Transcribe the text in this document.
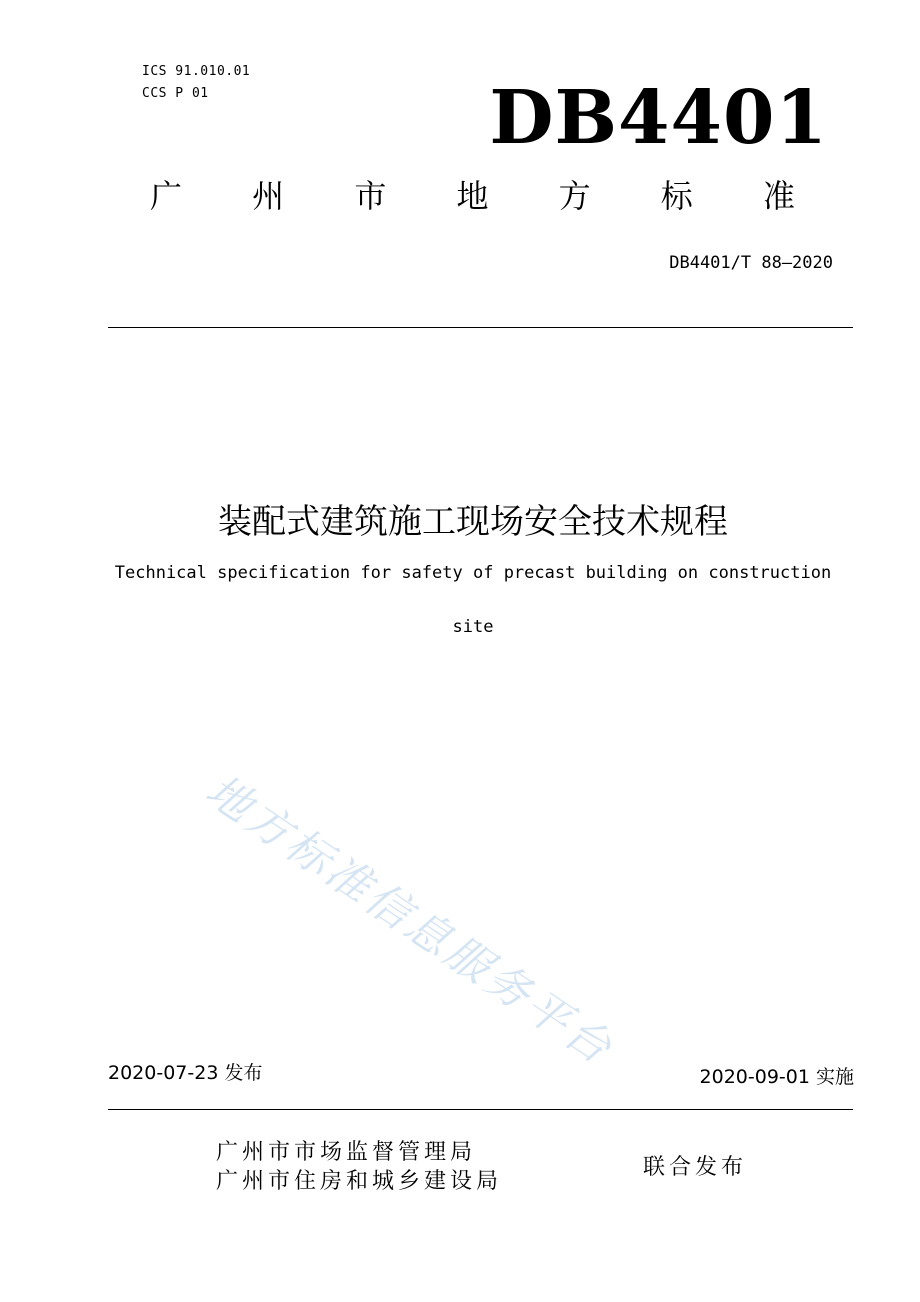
ICS 91.010.01
CCS P 01	DB4401
广 州 市 地 方 标 准
DB4401/T 88—2020
装配式建筑施工现场安全技术规程
Technical specification for safety of precast building on construction
site
地方标准信息服务平台
2020-07-23 发布	2020-09-01 实施
广州市市场监督管理局
广州市住房和城乡建设局
联合发布
